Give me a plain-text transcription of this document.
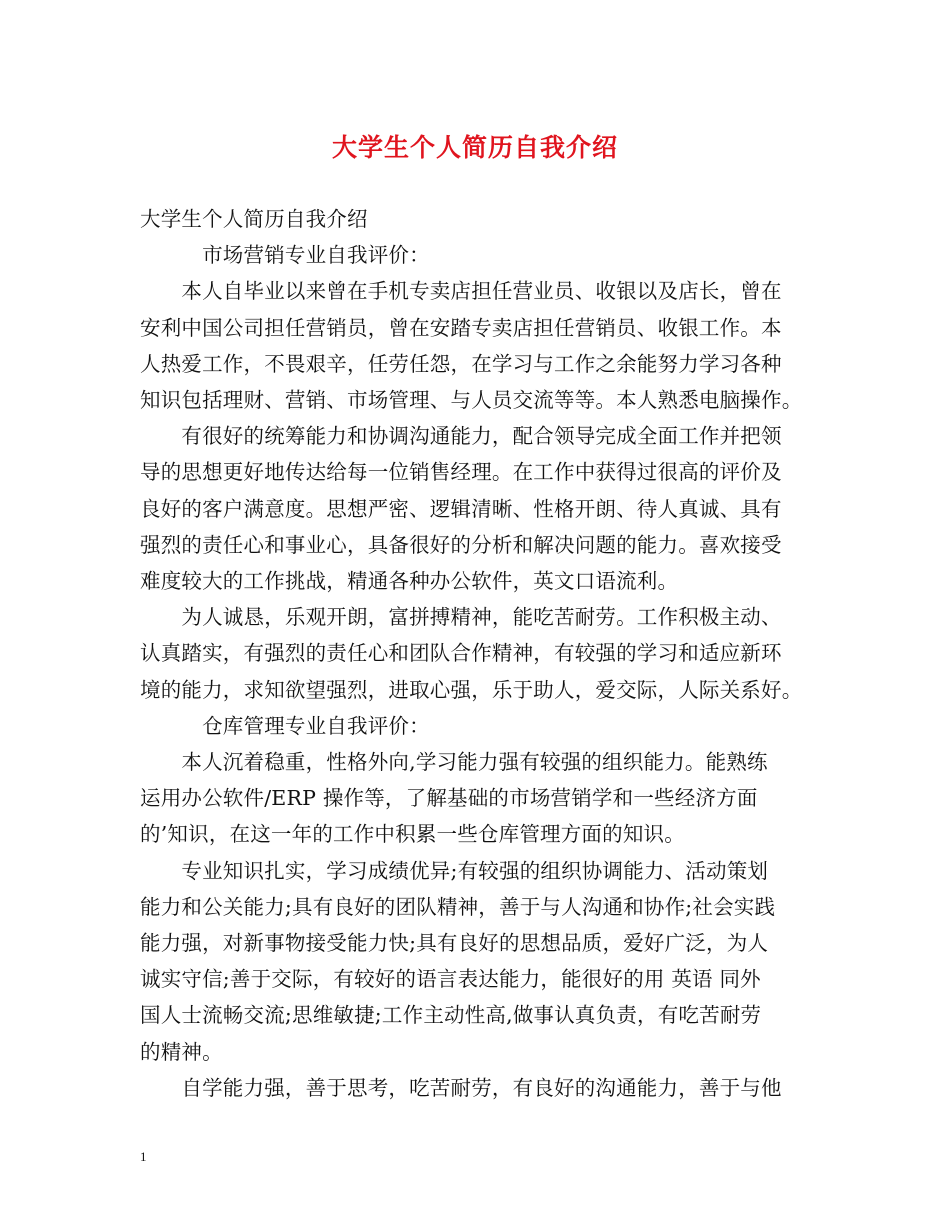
大学生个人简历自我介绍
大学生个人简历自我介绍
　　　市场营销专业自我评价：
　　本人自毕业以来曾在手机专卖店担任营业员、收银以及店长，曾在
安利中国公司担任营销员，曾在安踏专卖店担任营销员、收银工作。本
人热爱工作，不畏艰辛，任劳任怨，在学习与工作之余能努力学习各种
知识包括理财、营销、市场管理、与人员交流等等。本人熟悉电脑操作。
　　有很好的统筹能力和协调沟通能力，配合领导完成全面工作并把领
导的思想更好地传达给每一位销售经理。在工作中获得过很高的评价及
良好的客户满意度。思想严密、逻辑清晰、性格开朗、待人真诚、具有
强烈的责任心和事业心，具备很好的分析和解决问题的能力。喜欢接受
难度较大的工作挑战，精通各种办公软件，英文口语流利。
　　为人诚恳，乐观开朗，富拼搏精神，能吃苦耐劳。工作积极主动、
认真踏实，有强烈的责任心和团队合作精神，有较强的学习和适应新环
境的能力，求知欲望强烈，进取心强，乐于助人，爱交际，人际关系好。
　　　仓库管理专业自我评价：
　　本人沉着稳重，性格外向,学习能力强有较强的组织能力。能熟练
运用办公软件/ERP 操作等，了解基础的市场营销学和一些经济方面
的’知识，在这一年的工作中积累一些仓库管理方面的知识。
　　专业知识扎实，学习成绩优异;有较强的组织协调能力、活动策划
能力和公关能力;具有良好的团队精神，善于与人沟通和协作;社会实践
能力强，对新事物接受能力快;具有良好的思想品质，爱好广泛，为人
诚实守信;善于交际，有较好的语言表达能力，能很好的用 英语 同外
国人士流畅交流;思维敏捷;工作主动性高,做事认真负责，有吃苦耐劳
的精神。
　　自学能力强，善于思考，吃苦耐劳，有良好的沟通能力，善于与他
1
